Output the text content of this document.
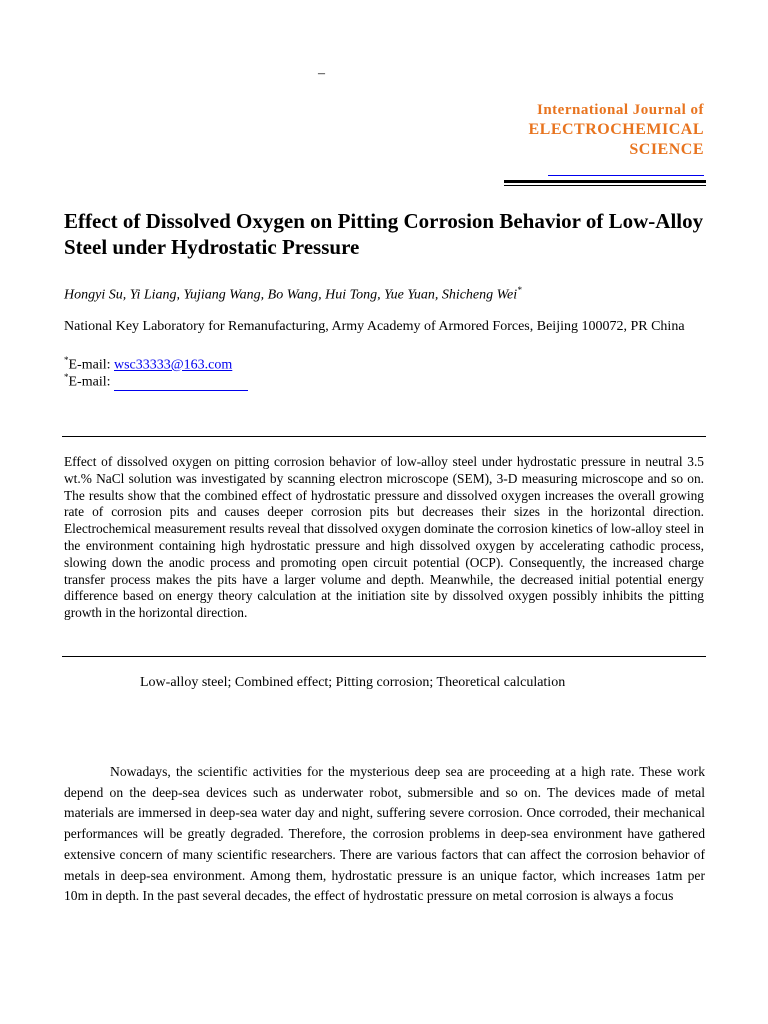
–
International Journal of
ELECTROCHEMICAL
SCIENCE
Effect of Dissolved Oxygen on Pitting Corrosion Behavior of Low-Alloy Steel under Hydrostatic Pressure
Hongyi Su, Yi Liang, Yujiang Wang, Bo Wang, Hui Tong, Yue Yuan, Shicheng Wei*
National Key Laboratory for Remanufacturing, Army Academy of Armored Forces, Beijing 100072, PR China
*E-mail: wsc33333@163.com
*E-mail:
Effect of dissolved oxygen on pitting corrosion behavior of low-alloy steel under hydrostatic pressure in neutral 3.5 wt.% NaCl solution was investigated by scanning electron microscope (SEM), 3-D measuring microscope and so on. The results show that the combined effect of hydrostatic pressure and dissolved oxygen increases the overall growing rate of corrosion pits and causes deeper corrosion pits but decreases their sizes in the horizontal direction. Electrochemical measurement results reveal that dissolved oxygen dominate the corrosion kinetics of low-alloy steel in the environment containing high hydrostatic pressure and high dissolved oxygen by accelerating cathodic process, slowing down the anodic process and promoting open circuit potential (OCP). Consequently, the increased charge transfer process makes the pits have a larger volume and depth. Meanwhile, the decreased initial potential energy difference based on energy theory calculation at the initiation site by dissolved oxygen possibly inhibits the pitting growth in the horizontal direction.
Low-alloy steel; Combined effect; Pitting corrosion; Theoretical calculation
Nowadays, the scientific activities for the mysterious deep sea are proceeding at a high rate. These work depend on the deep-sea devices such as underwater robot, submersible and so on. The devices made of metal materials are immersed in deep-sea water day and night, suffering severe corrosion. Once corroded, their mechanical performances will be greatly degraded. Therefore, the corrosion problems in deep-sea environment have gathered extensive concern of many scientific researchers. There are various factors that can affect the corrosion behavior of metals in deep-sea environment. Among them, hydrostatic pressure is an unique factor, which increases 1atm per 10m in depth. In the past several decades, the effect of hydrostatic pressure on metal corrosion is always a focus
